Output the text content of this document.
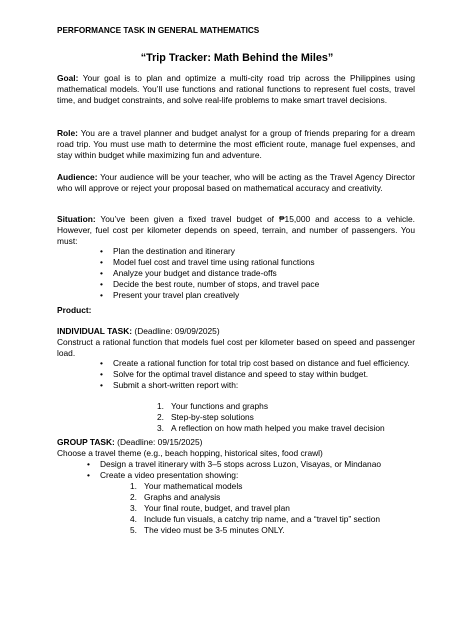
PERFORMANCE TASK IN GENERAL MATHEMATICS
“Trip Tracker: Math Behind the Miles”
Goal: Your goal is to plan and optimize a multi-city road trip across the Philippines using mathematical models. You’ll use functions and rational functions to represent fuel costs, travel time, and budget constraints, and solve real-life problems to make smart travel decisions.
Role: You are a travel planner and budget analyst for a group of friends preparing for a dream road trip. You must use math to determine the most efficient route, manage fuel expenses, and stay within budget while maximizing fun and adventure.
Audience: Your audience will be your teacher, who will be acting as the Travel Agency Director who will approve or reject your proposal based on mathematical accuracy and creativity.
Situation: You’ve been given a fixed travel budget of ₱15,000 and access to a vehicle. However, fuel cost per kilometer depends on speed, terrain, and number of passengers. You must:
• Plan the destination and itinerary
• Model fuel cost and travel time using rational functions
• Analyze your budget and distance trade-offs
• Decide the best route, number of stops, and travel pace
• Present your travel plan creatively
Product:
INDIVIDUAL TASK: (Deadline: 09/09/2025)
Construct a rational function that models fuel cost per kilometer based on speed and passenger load.
• Create a rational function for total trip cost based on distance and fuel efficiency.
• Solve for the optimal travel distance and speed to stay within budget.
• Submit a short-written report with:
1. Your functions and graphs
2. Step-by-step solutions
3. A reflection on how math helped you make travel decision
GROUP TASK: (Deadline: 09/15/2025)
Choose a travel theme (e.g., beach hopping, historical sites, food crawl)
• Design a travel itinerary with 3–5 stops across Luzon, Visayas, or Mindanao
• Create a video presentation showing:
1. Your mathematical models
2. Graphs and analysis
3. Your final route, budget, and travel plan
4. Include fun visuals, a catchy trip name, and a “travel tip” section
5. The video must be 3-5 minutes ONLY.
